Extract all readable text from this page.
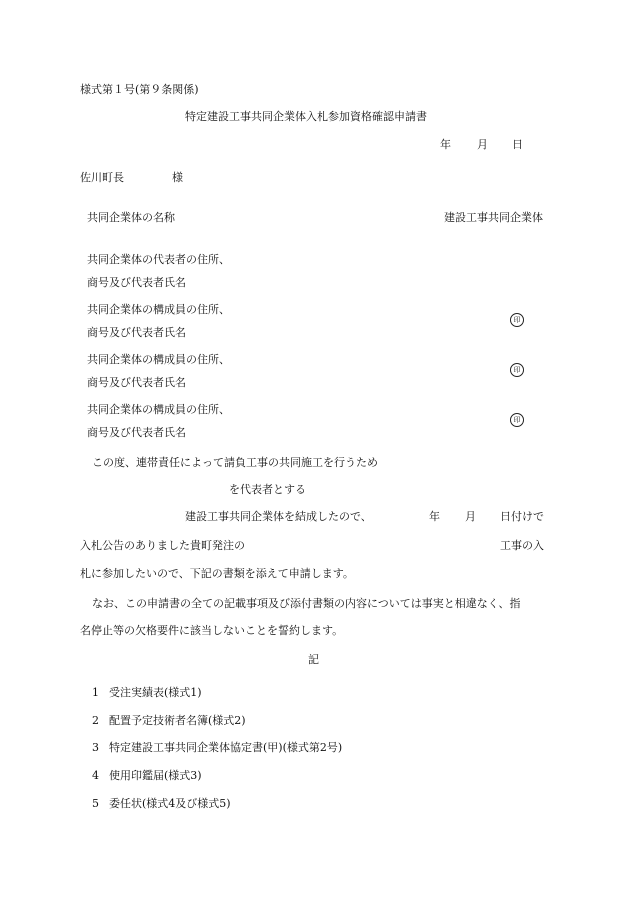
様式第１号(第９条関係)
特定建設工事共同企業体入札参加資格確認申請書
年 月 日
佐川町長	様
共同企業体の名称	建設工事共同企業体
共同企業体の代表者の住所、
商号及び代表者氏名
共同企業体の構成員の住所、
商号及び代表者氏名
印
共同企業体の構成員の住所、
商号及び代表者氏名
印
共同企業体の構成員の住所、
商号及び代表者氏名
印
この度、連帯責任によって請負工事の共同施工を行うため
を代表者とする
建設工事共同企業体を結成したので、	年 月 日付けで
入札公告のありました貴町発注の	工事の入
札に参加したいので、下記の書類を添えて申請します。
なお、この申請書の全ての記載事項及び添付書類の内容については事実と相違なく、指
名停止等の欠格要件に該当しないことを誓約します。
記
1 受注実績表(様式1)
2 配置予定技術者名簿(様式2)
3 特定建設工事共同企業体協定書(甲)(様式第2号)
4 使用印鑑届(様式3)
5 委任状(様式4及び様式5)
